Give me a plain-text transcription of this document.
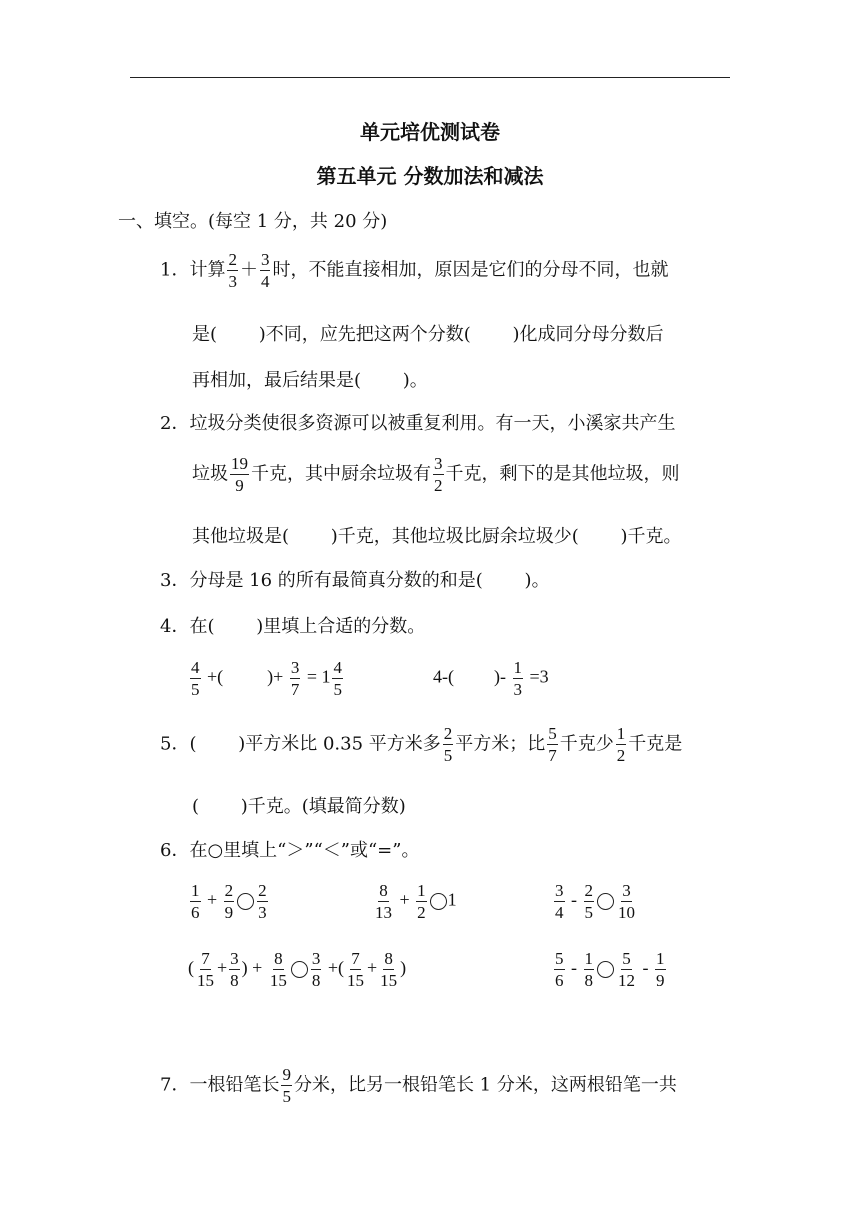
单元培优测试卷
第五单元 分数加法和减法
一、填空。(每空 1 分，共 20 分)
1．计算 $\frac{2}{3} + \frac{3}{4}$ 时，不能直接相加，原因是它们的分母不同，也就
是(　　 )不同，应先把这两个分数(　　 )化成同分母分数后
再相加，最后结果是(　　 )。
2．垃圾分类使很多资源可以被重复利用。有一天，小溪家共产生
垃圾 $\frac{19}{9}$ 千克，其中厨余垃圾有 $\frac{3}{2}$ 千克，剩下的是其他垃圾，则
其他垃圾是(　　 )千克，其他垃圾比厨余垃圾少(　　 )千克。
3．分母是 16 的所有最简真分数的和是(　　 )。
4．在(　　 )里填上合适的分数。
$\frac{4}{5}$ +( )+ $\frac{3}{7} = 1 \frac{4}{5}$	4-( )- $\frac{1}{3} =3$
5．(　　 )平方米比 0.35 平方米多 $\frac{2}{5}$ 平方米；比 $\frac{5}{7}$ 千克少 $\frac{1}{2}$ 千克是
(　　 )千克。(填最简分数)
6．在○里填上“＞”“＜”或“=”。
$\frac{1}{6} + \frac{2}{9} \frac{2}{3}$	$\frac{8}{13} + \frac{1}{2} 1$	$\frac{3}{4} - \frac{2}{5} \frac{3}{10}$
( $\frac{7}{15} + \frac{3}{8}$ ) + $\frac{8}{15} \frac{3}{8}$ +( $\frac{7}{15} + \frac{8}{15}$ )	$\frac{5}{6} - \frac{1}{8} \frac{5}{12} - \frac{1}{9}$
7．一根铅笔长 $\frac{9}{5}$ 分米，比另一根铅笔长 1 分米，这两根铅笔一共
